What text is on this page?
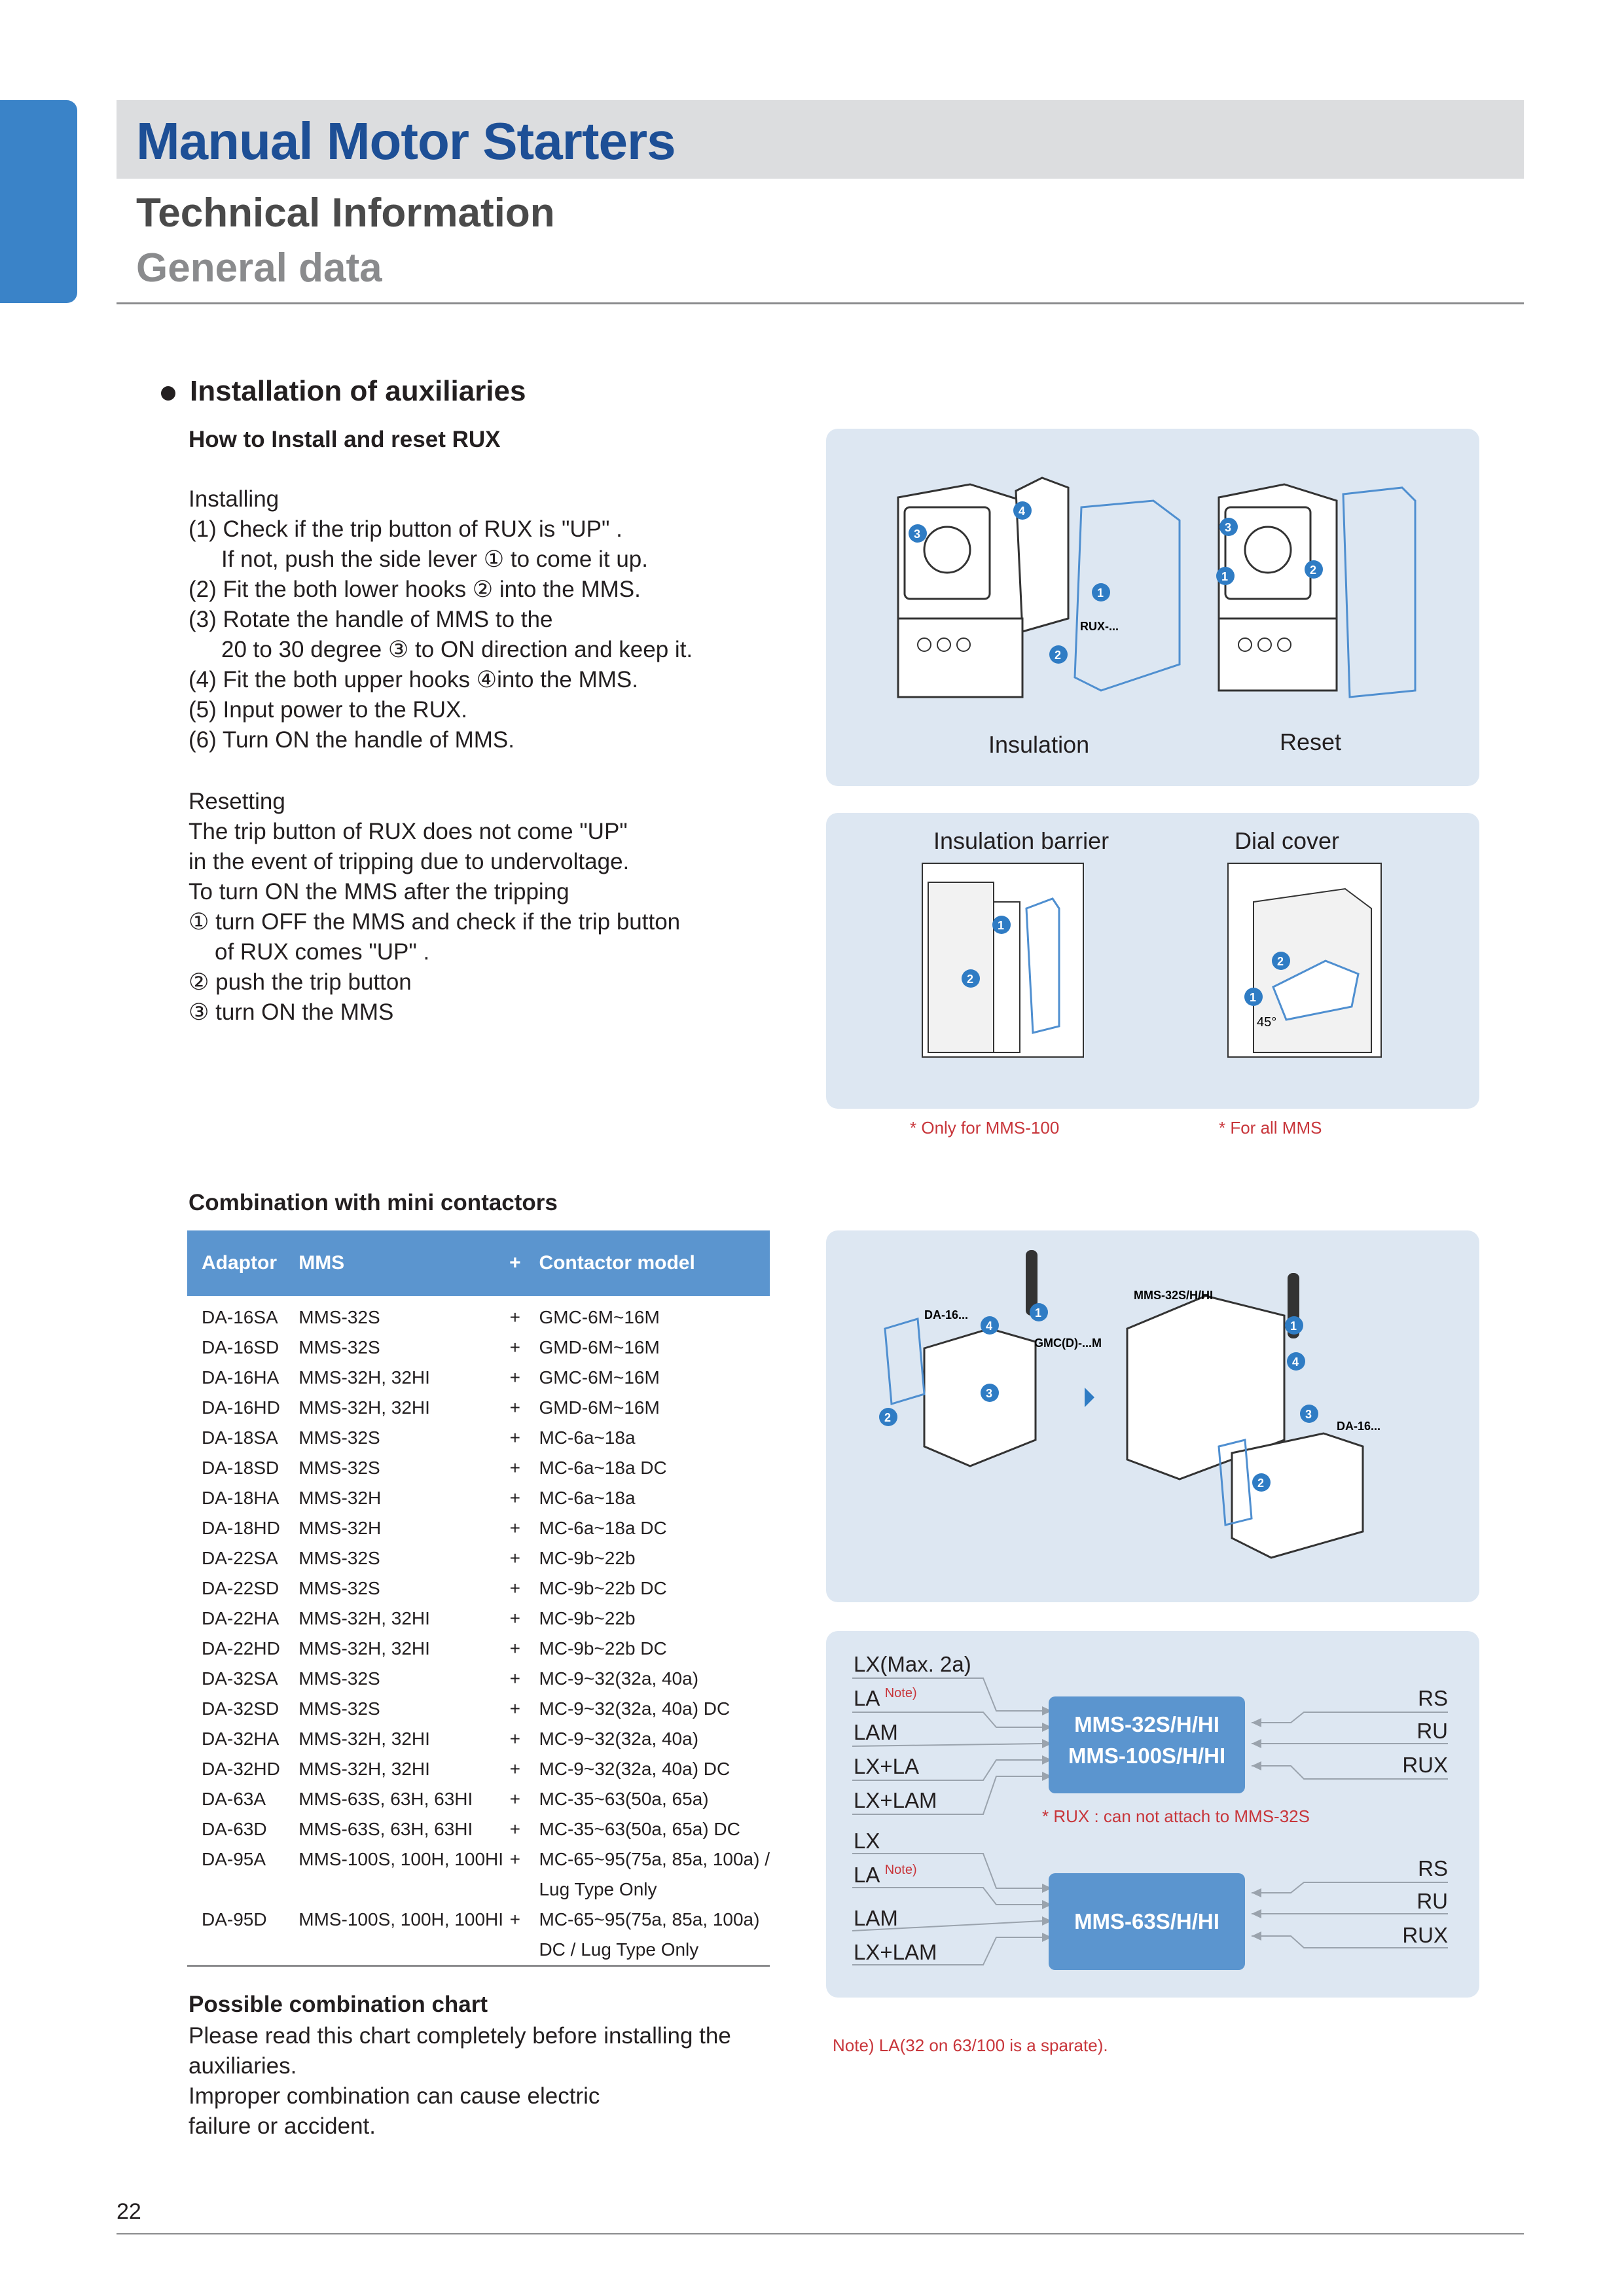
Manual Motor Starters
Technical Information
General data
Installation of auxiliaries
How to Install and reset RUX
Installing
(1) Check if the trip button of RUX is "UP" .
If not, push the side lever ① to come it up.
(2) Fit the both lower hooks ② into the MMS.
(3) Rotate the handle of MMS to the
20 to 30 degree ③ to ON direction and keep it.
(4) Fit the both upper hooks ④into the MMS.
(5) Input power to the RUX.
(6) Turn ON the handle of MMS.
Resetting
The trip button of RUX does not come "UP"
in the event of tripping due to undervoltage.
To turn ON the MMS after the tripping
① turn OFF the MMS and check if the trip button
of RUX comes "UP" .
② push the trip button
③ turn ON the MMS
RUX-...
3
4
1
2
3
1	2
Insulation	Reset
Insulation barrier	Dial cover
1
2
2
1
45°
* Only for MMS-100	* For all MMS
Combination with mini contactors
Adaptor	MMS	+	Contactor model

DA-16SA	MMS-32S	+	GMC-6M~16M
DA-16SD	MMS-32S	+	GMD-6M~16M
DA-16HA	MMS-32H, 32HI	+	GMC-6M~16M
DA-16HD	MMS-32H, 32HI	+	GMD-6M~16M
DA-18SA	MMS-32S	+	MC-6a~18a
DA-18SD	MMS-32S	+	MC-6a~18a DC
DA-18HA	MMS-32H	+	MC-6a~18a
DA-18HD	MMS-32H	+	MC-6a~18a DC
DA-22SA	MMS-32S	+	MC-9b~22b
DA-22SD	MMS-32S	+	MC-9b~22b DC
DA-22HA	MMS-32H, 32HI	+	MC-9b~22b
DA-22HD	MMS-32H, 32HI	+	MC-9b~22b DC
DA-32SA	MMS-32S	+	MC-9~32(32a, 40a)
DA-32SD	MMS-32S	+	MC-9~32(32a, 40a) DC
DA-32HA	MMS-32H, 32HI	+	MC-9~32(32a, 40a)
DA-32HD	MMS-32H, 32HI	+	MC-9~32(32a, 40a) DC
DA-63A	MMS-63S, 63H, 63HI	+	MC-35~63(50a, 65a)
DA-63D	MMS-63S, 63H, 63HI	+	MC-35~63(50a, 65a) DC
DA-95A	MMS-100S, 100H, 100HI	+	MC-65~95(75a, 85a, 100a) /
			Lug Type Only
DA-95D	MMS-100S, 100H, 100HI	+	MC-65~95(75a, 85a, 100a)
			DC / Lug Type Only
Possible combination chart
Please read this chart completely before installing the
auxiliaries.
Improper combination can cause electric
failure or accident.
DA-16...
GMC(D)-...M
MMS-32S/H/HI
DA-16...
1
2
3
4	1
2
3
4
LX(Max. 2a)
LA $^{Note)}$
LAM
LX+LA
LX+LAM
MMS-32S/H/HI
MMS-100S/H/HI
RS
RU
RUX
* RUX : can not attach to MMS-32S
LX
LA $^{Note)}$
LAM
LX+LAM
MMS-63S/H/HI
RS
RU
RUX
Note) LA(32 on 63/100 is a sparate).
22
